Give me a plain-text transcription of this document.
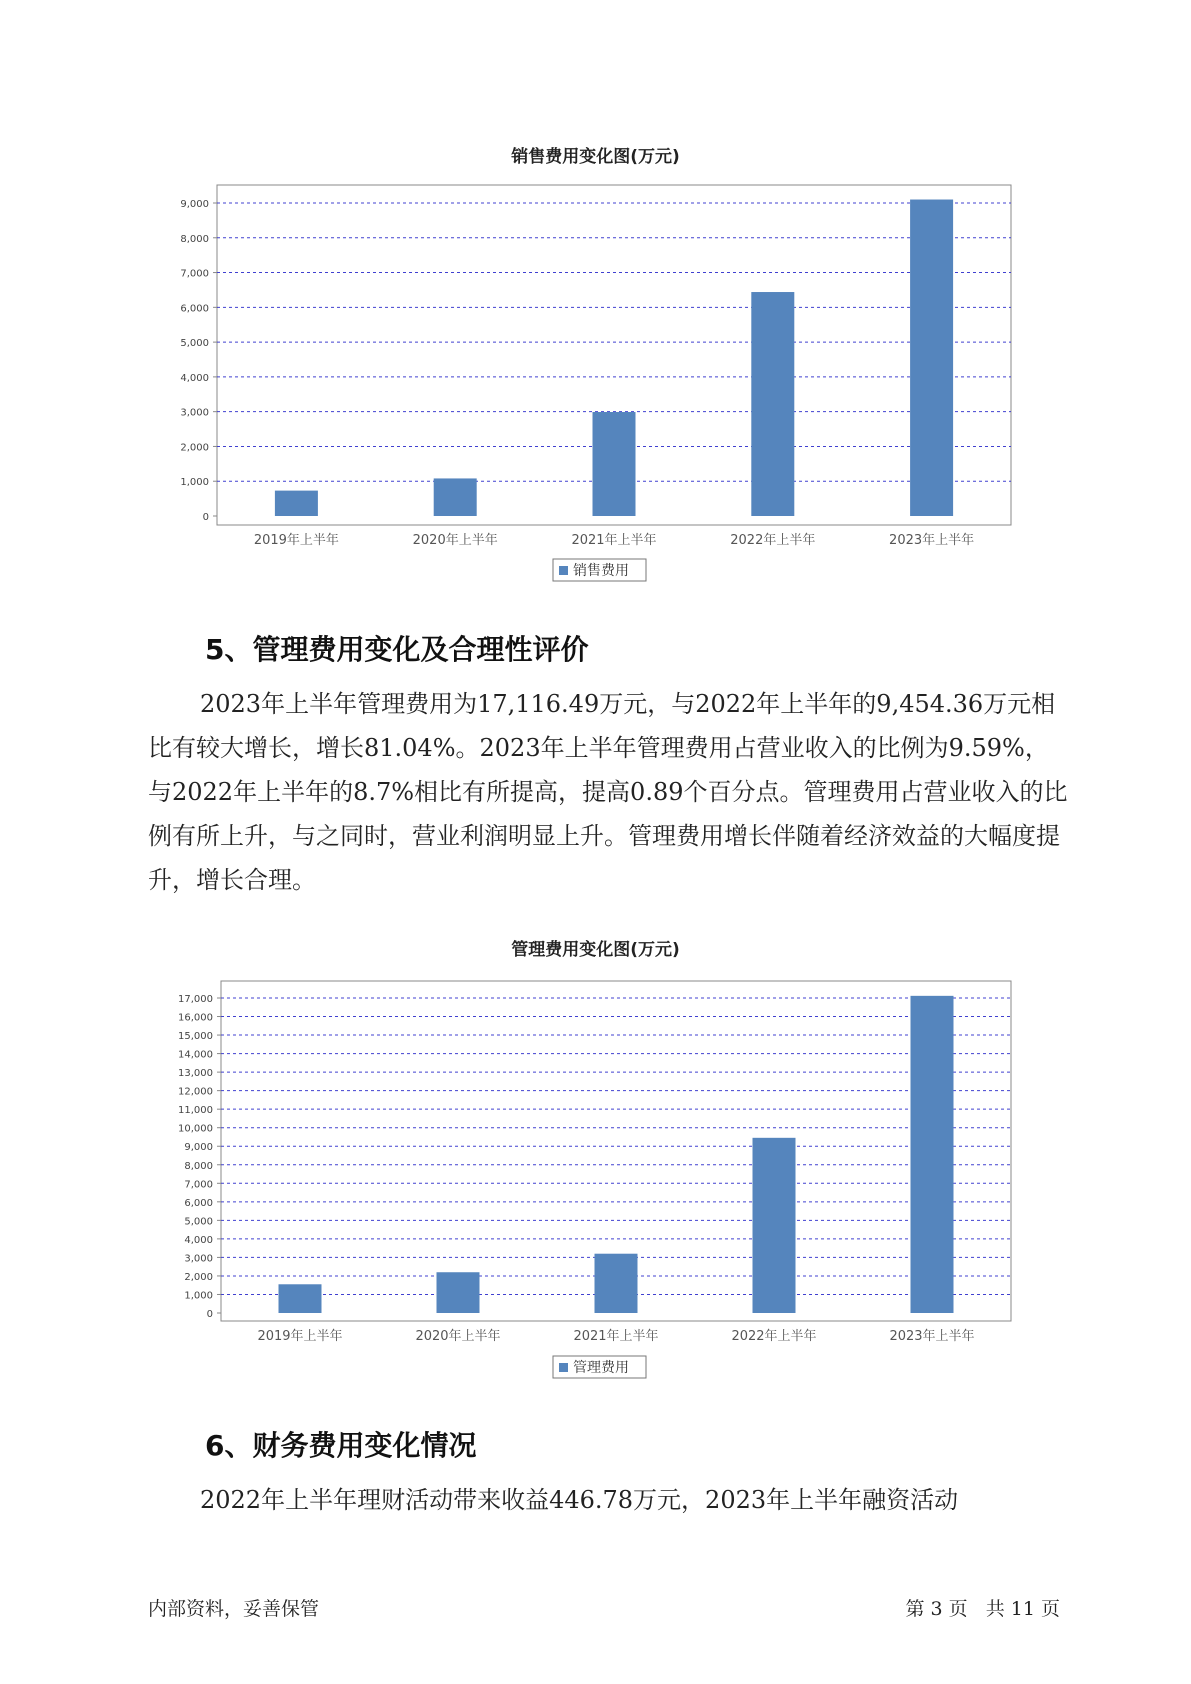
销售费用变化图(万元)
0
1,000
2,000
3,000
4,000
5,000
6,000
7,000
8,000
9,000
2019年上半年	2020年上半年	2021年上半年	2022年上半年	2023年上半年
销售费用
5、管理费用变化及合理性评价

2023年上半年管理费用为17,116.49万元，与2022年上半年的9,454.36万元相比有较大增长，增长81.04%。2023年上半年管理费用占营业收入的比例为9.59%，与2022年上半年的8.7%相比有所提高，提高0.89个百分点。管理费用占营业收入的比例有所上升，与之同时，营业利润明显上升。管理费用增长伴随着经济效益的大幅度提升，增长合理。

管理费用变化图(万元)
0
1,000
2,000
3,000
4,000
5,000
6,000
7,000
8,000
9,000
10,000
11,000
12,000
13,000
14,000
15,000
16,000
17,000
2019年上半年	2020年上半年	2021年上半年	2022年上半年	2023年上半年
管理费用
6、财务费用变化情况

2022年上半年理财活动带来收益446.78万元，2023年上半年融资活动

内部资料，妥善保管	第 3 页   共 11 页
